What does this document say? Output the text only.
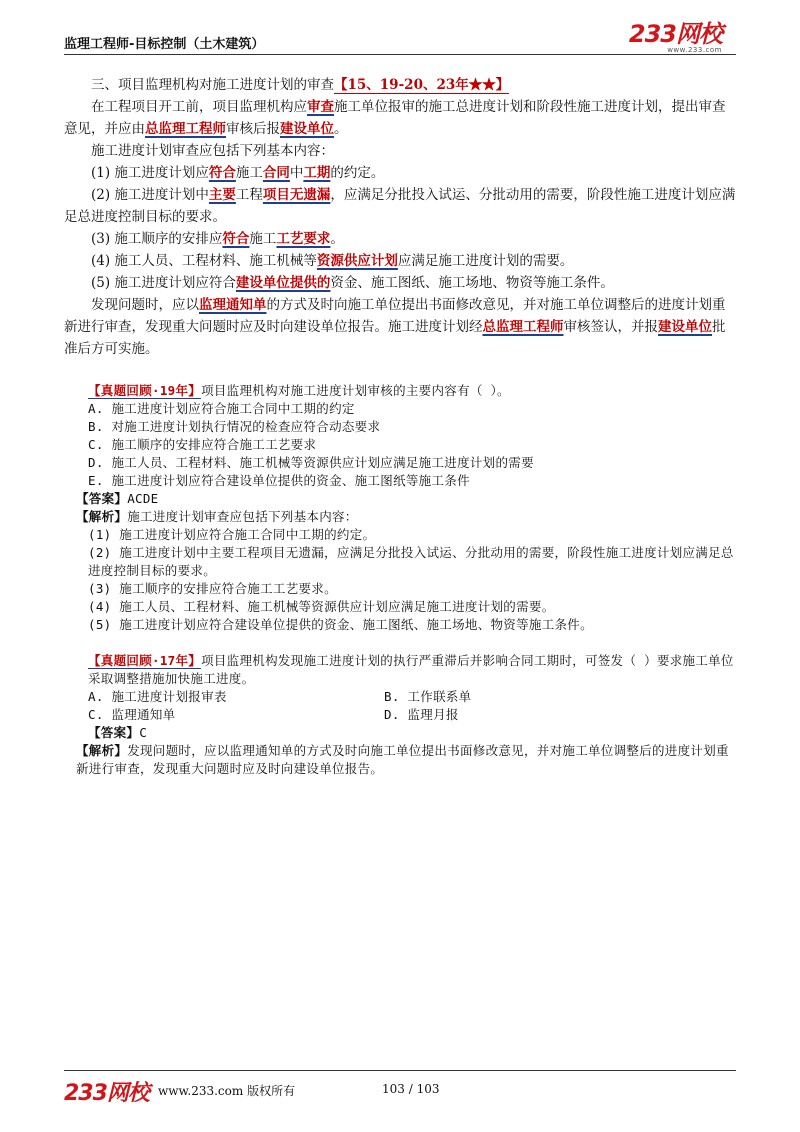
监理工程师-目标控制（土木建筑）	233网校
www.233.com

三、项目监理机构对施工进度计划的审查【15、19-20、23年★★】

在工程项目开工前，项目监理机构应审查施工单位报审的施工总进度计划和阶段性施工进度计划，提出审查意见，并应由总监理工程师审核后报建设单位。

施工进度计划审查应包括下列基本内容：

(1) 施工进度计划应符合施工合同中工期的约定。

(2) 施工进度计划中主要工程项目无遗漏，应满足分批投入试运、分批动用的需要，阶段性施工进度计划应满足总进度控制目标的要求。

(3) 施工顺序的安排应符合施工工艺要求。

(4) 施工人员、工程材料、施工机械等资源供应计划应满足施工进度计划的需要。

(5) 施工进度计划应符合建设单位提供的资金、施工图纸、施工场地、物资等施工条件。

发现问题时，应以监理通知单的方式及时向施工单位提出书面修改意见，并对施工单位调整后的进度计划重新进行审查，发现重大问题时应及时向建设单位报告。施工进度计划经总监理工程师审核签认，并报建设单位批准后方可实施。

【真题回顾·19年】项目监理机构对施工进度计划审核的主要内容有（ ）。

A. 施工进度计划应符合施工合同中工期的约定

B. 对施工进度计划执行情况的检查应符合动态要求

C. 施工顺序的安排应符合施工工艺要求

D. 施工人员、工程材料、施工机械等资源供应计划应满足施工进度计划的需要

E. 施工进度计划应符合建设单位提供的资金、施工图纸等施工条件

【答案】ACDE

【解析】施工进度计划审查应包括下列基本内容：

(1) 施工进度计划应符合施工合同中工期的约定。

(2) 施工进度计划中主要工程项目无遗漏，应满足分批投入试运、分批动用的需要，阶段性施工进度计划应满足总进度控制目标的要求。

(3) 施工顺序的安排应符合施工工艺要求。

(4) 施工人员、工程材料、施工机械等资源供应计划应满足施工进度计划的需要。

(5) 施工进度计划应符合建设单位提供的资金、施工图纸、施工场地、物资等施工条件。

【真题回顾·17年】项目监理机构发现施工进度计划的执行严重滞后并影响合同工期时，可签发（ ）要求施工单位采取调整措施加快施工进度。

A. 施工进度计划报审表	B. 工作联系单
C. 监理通知单	D. 监理月报

【答案】C

【解析】发现问题时，应以监理通知单的方式及时向施工单位提出书面修改意见，并对施工单位调整后的进度计划重新进行审查，发现重大问题时应及时向建设单位报告。

233网校 www.233.com 版权所有	103 / 103
